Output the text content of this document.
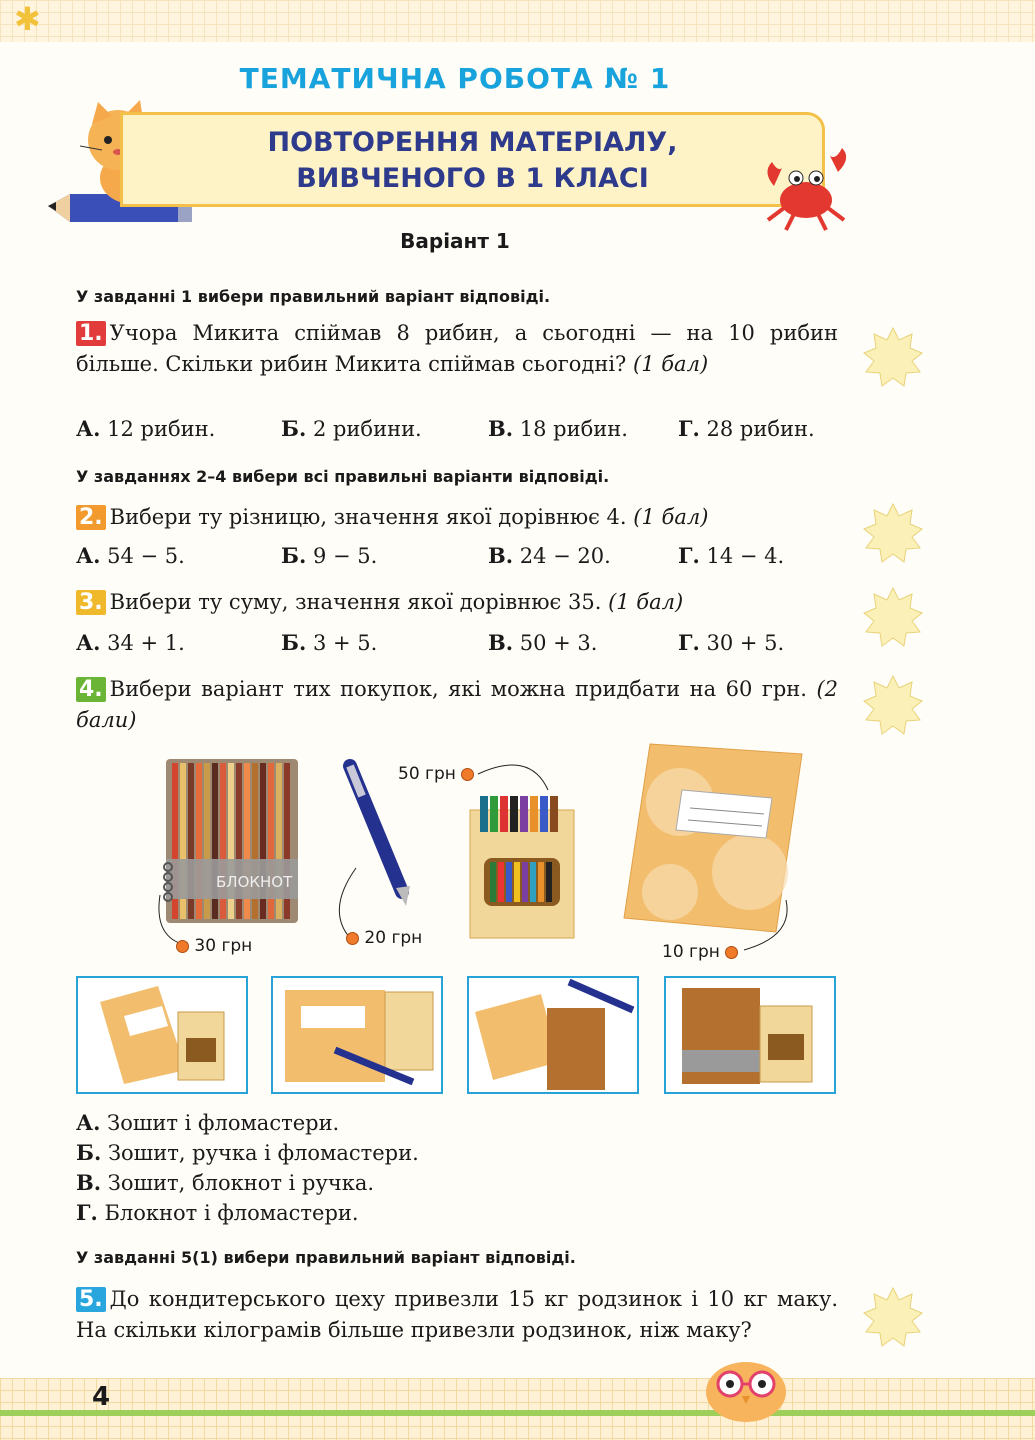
✱
ТЕМАТИЧНА РОБОТА № 1
ПОВТОРЕННЯ МАТЕРІАЛУ,
ВИВЧЕНОГО В 1 КЛАСІ
Варіант 1
У завданні 1 вибери правильний варіант відповіді.
1. Учора Микита спіймав 8 рибин, а сьогодні — на 10 рибин більше. Скільки рибин Микита спіймав сьогодні? (1 бал)
А. 12 рибин.	Б. 2 рибини.	В. 18 рибин. Г. 28 рибин.
У завданнях 2–4 вибери всі правильні варіанти відповіді.
2. Вибери ту різницю, значення якої дорівнює 4. (1 бал)
А. 54 − 5.	Б. 9 − 5.	В. 24 − 20.	Г. 14 − 4.
3. Вибери ту суму, значення якої дорівнює 35. (1 бал)
А. 34 + 1.	Б. 3 + 5.	В. 50 + 3.	Г. 30 + 5.
4. Вибери варіант тих покупок, які можна придбати на 60 грн. (2 бали)
БЛОКНОТ
30 грн	20 грн
50 грн
10 грн
А. Зошит і фломастери.
Б. Зошит, ручка і фломастери.
В. Зошит, блокнот і ручка.
Г. Блокнот і фломастери.
У завданні 5(1) вибери правильний варіант відповіді.
5. До кондитерського цеху привезли 15 кг родзинок і 10 кг маку. На скільки кілограмів більше привезли родзинок, ніж маку?
4
